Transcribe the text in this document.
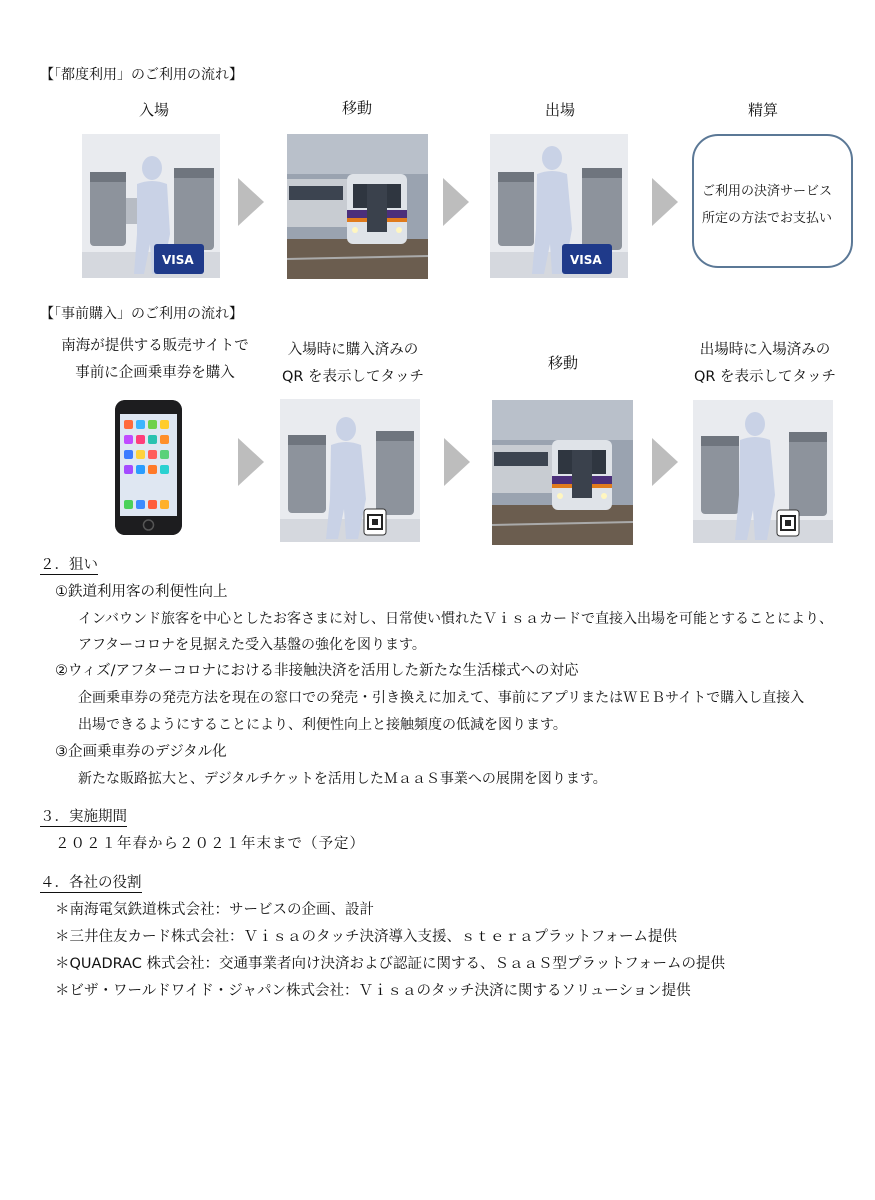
【「都度利用」のご利用の流れ】
入場	移動	出場	精算
VISA	VISA
ご利用の決済サービス
所定の方法でお支払い
【「事前購入」のご利用の流れ】
南海が提供する販売サイトで
事前に企画乗車券を購入
入場時に購入済みの
QR を表示してタッチ
移動
出場時に入場済みの
QR を表示してタッチ
２．狙い
①鉄道利用客の利便性向上
インバウンド旅客を中心としたお客さまに対し、日常使い慣れたＶｉｓａカードで直接入出場を可能とすることにより、
アフターコロナを見据えた受入基盤の強化を図ります。
②ウィズ/アフターコロナにおける非接触決済を活用した新たな生活様式への対応
企画乗車券の発売方法を現在の窓口での発売・引き換えに加えて、事前にアプリまたはＷＥＢサイトで購入し直接入
出場できるようにすることにより、利便性向上と接触頻度の低減を図ります。
③企画乗車券のデジタル化
新たな販路拡大と、デジタルチケットを活用したＭａａＳ事業への展開を図ります。
３．実施期間
２０２１年春から２０２１年末まで（予定）
４．各社の役割
＊南海電気鉄道株式会社：サービスの企画、設計
＊三井住友カード株式会社：Ｖｉｓａのタッチ決済導入支援、ｓｔｅｒａプラットフォーム提供
＊QUADRAC 株式会社：交通事業者向け決済および認証に関する、ＳａａＳ型プラットフォームの提供
＊ビザ・ワールドワイド・ジャパン株式会社：Ｖｉｓａのタッチ決済に関するソリューション提供
